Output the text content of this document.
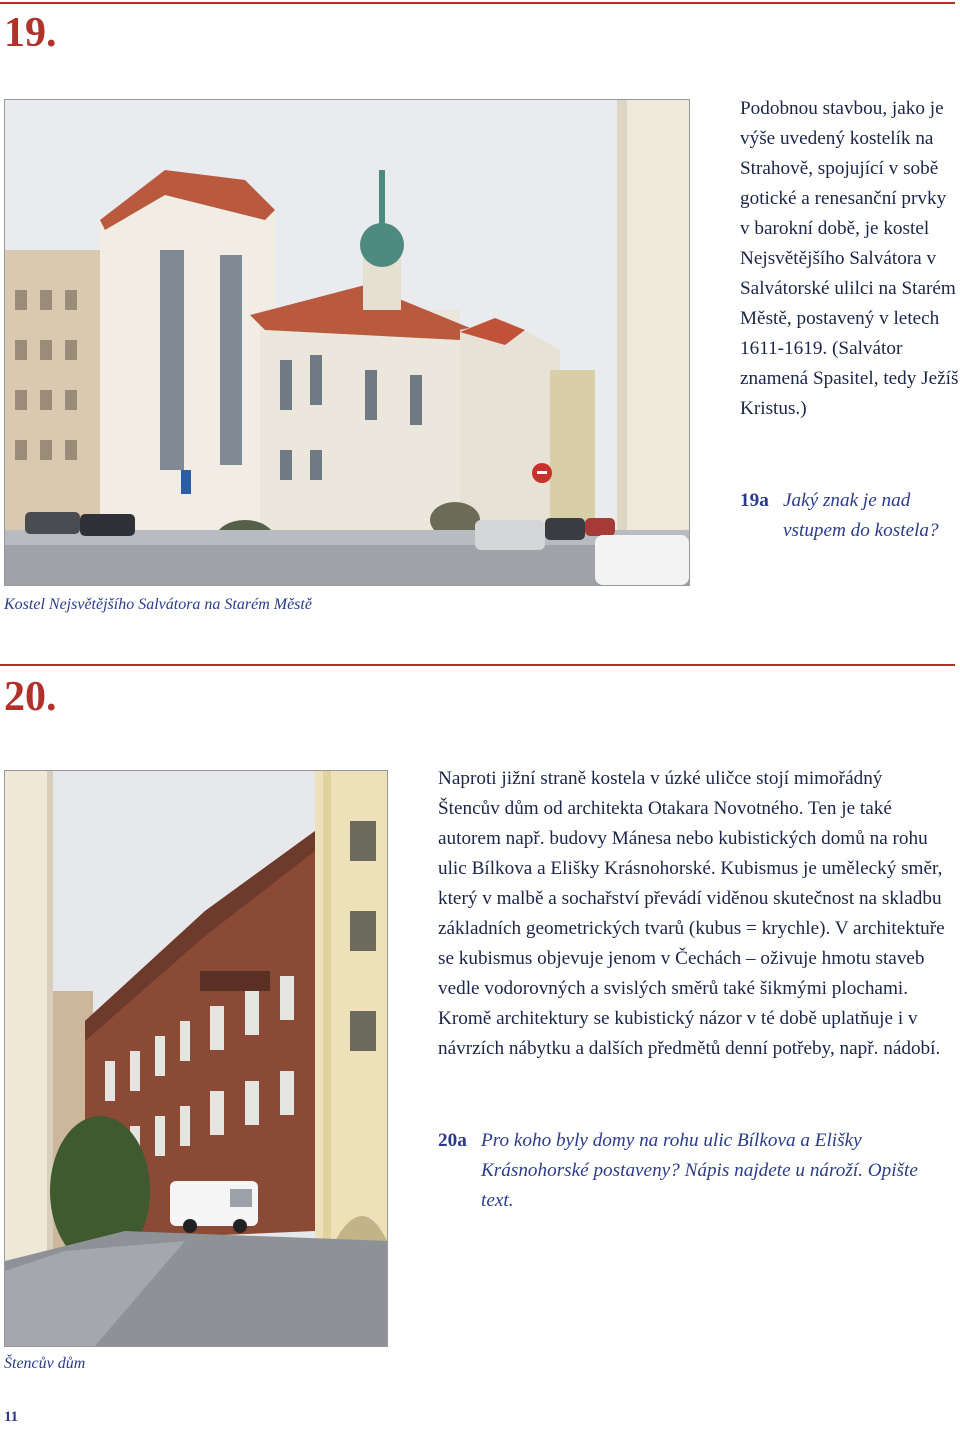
19.

Podobnou stavbou, jako je výše uvedený kostelík na Strahově, spojující v sobě gotické a renesanční prvky v barokní době, je kostel Nejsvětějšího Salvátora v Salvátorské ulilci na Starém Městě, postavený v letech 1611-1619. (Salvátor znamená Spasitel, tedy Ježíš Kristus.)

19a Jaký znak je nad vstupem do kostela?
Kostel Nejsvětějšího Salvátora na Starém Městě
20.

Naproti jižní straně kostela v úzké uličce stojí mimořádný Štencův dům od architekta Otakara Novotného. Ten je také autorem např. budovy Mánesa nebo kubistických domů na rohu ulic Bílkova a Elišky Krásnohorské. Kubismus je umělecký směr, který v malbě a sochařství převádí viděnou skutečnost na skladbu základních geometrických tvarů (kubus = krychle). V architektuře se kubismus objevuje jenom v Čechách – oživuje hmotu staveb vedle vodorovných a svislých směrů také šikmými plochami. Kromě architektury se kubistický názor v té době uplatňuje i v návrzích nábytku a dalších předmětů denní potřeby, např. nádobí.

20a Pro koho byly domy na rohu ulic Bílkova a Elišky Krásnohorské postaveny? Nápis najdete u nároží. Opište text.
Štencův dům
11
